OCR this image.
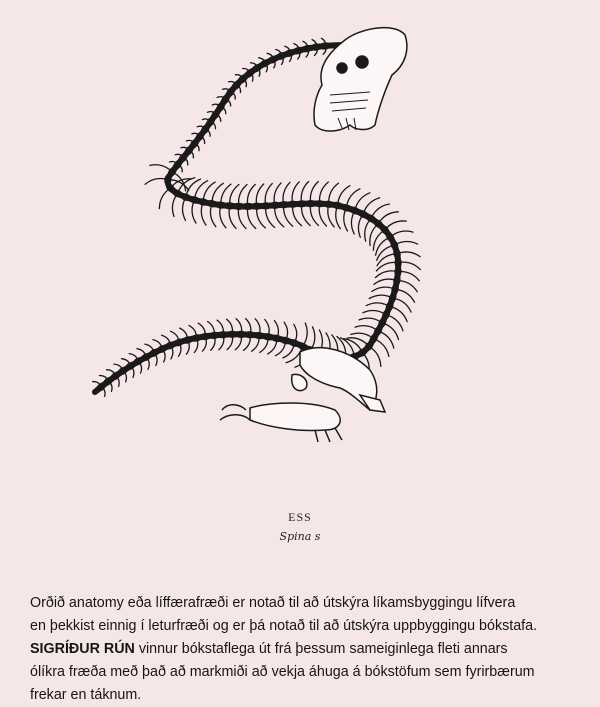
ESS
Spina s
Orðið anatomy eða líffærafræði er notað til að útskýra líkamsbyggingu lífvera
en þekkist einnig í leturfræði og er þá notað til að útskýra uppbyggingu bókstafa.
SIGRÍÐUR RÚN vinnur bókstaflega út frá þessum sameiginlega fleti annars
ólíkra fræða með það að markmiði að vekja áhuga á bókstöfum sem fyrirbærum
frekar en táknum.
